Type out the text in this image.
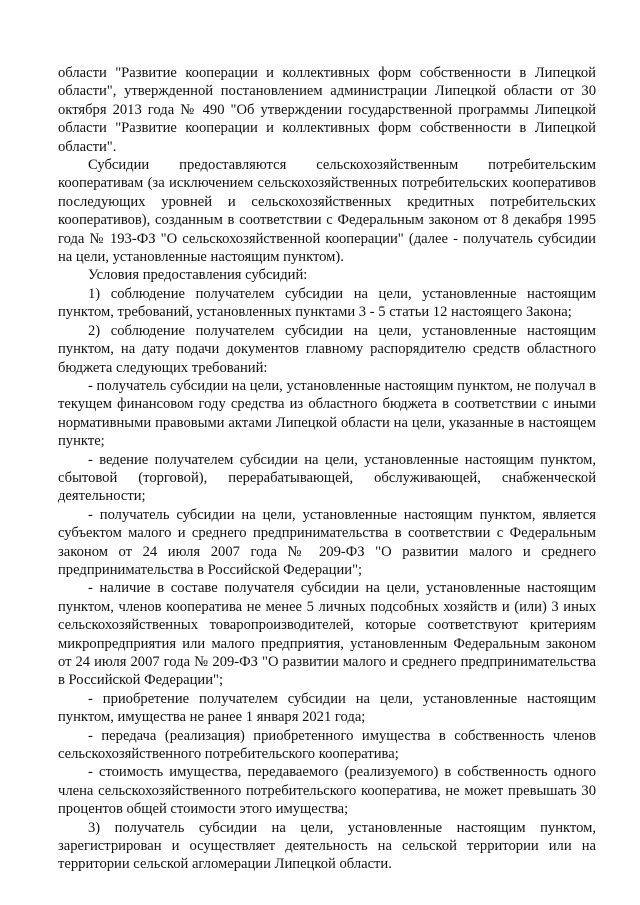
области "Развитие кооперации и коллективных форм собственности в Липецкой области", утвержденной постановлением администрации Липецкой области от 30 октября 2013 года № 490 "Об утверждении государственной программы Липецкой области "Развитие кооперации и коллективных форм собственности в Липецкой области".

Субсидии предоставляются сельскохозяйственным потребительским кооперативам (за исключением сельскохозяйственных потребительских кооперативов последующих уровней и сельскохозяйственных кредитных потребительских кооперативов), созданным в соответствии с Федеральным законом от 8 декабря 1995 года № 193-ФЗ "О сельскохозяйственной кооперации" (далее - получатель субсидии на цели, установленные настоящим пунктом).

Условия предоставления субсидий:

1) соблюдение получателем субсидии на цели, установленные настоящим пунктом, требований, установленных пунктами 3 - 5 статьи 12 настоящего Закона;

2) соблюдение получателем субсидии на цели, установленные настоящим пунктом, на дату подачи документов главному распорядителю средств областного бюджета следующих требований:

- получатель субсидии на цели, установленные настоящим пунктом, не получал в текущем финансовом году средства из областного бюджета в соответствии с иными нормативными правовыми актами Липецкой области на цели, указанные в настоящем пункте;

- ведение получателем субсидии на цели, установленные настоящим пунктом, сбытовой (торговой), перерабатывающей, обслуживающей, снабженческой деятельности;

- получатель субсидии на цели, установленные настоящим пунктом, является субъектом малого и среднего предпринимательства в соответствии с Федеральным законом от 24 июля 2007 года № 209-ФЗ "О развитии малого и среднего предпринимательства в Российской Федерации";

- наличие в составе получателя субсидии на цели, установленные настоящим пунктом, членов кооператива не менее 5 личных подсобных хозяйств и (или) 3 иных сельскохозяйственных товаропроизводителей, которые соответствуют критериям микропредприятия или малого предприятия, установленным Федеральным законом от 24 июля 2007 года № 209-ФЗ "О развитии малого и среднего предпринимательства в Российской Федерации";

- приобретение получателем субсидии на цели, установленные настоящим пунктом, имущества не ранее 1 января 2021 года;

- передача (реализация) приобретенного имущества в собственность членов сельскохозяйственного потребительского кооператива;

- стоимость имущества, передаваемого (реализуемого) в собственность одного члена сельскохозяйственного потребительского кооператива, не может превышать 30 процентов общей стоимости этого имущества;

3) получатель субсидии на цели, установленные настоящим пунктом, зарегистрирован и осуществляет деятельность на сельской территории или на территории сельской агломерации Липецкой области.
